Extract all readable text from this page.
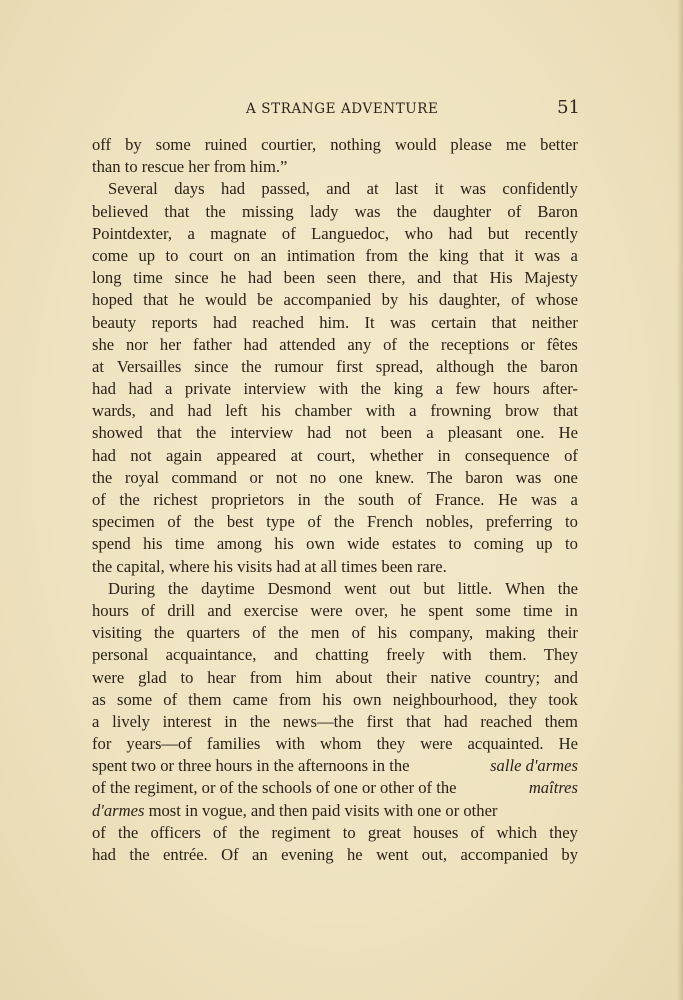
A STRANGE ADVENTURE	51
off by some ruined courtier, nothing would please me better
than to rescue her from him.”
Several days had passed, and at last it was confidently
believed that the missing lady was the daughter of Baron
Pointdexter, a magnate of Languedoc, who had but recently
come up to court on an intimation from the king that it was a
long time since he had been seen there, and that His Majesty
hoped that he would be accompanied by his daughter, of whose
beauty reports had reached him. It was certain that neither
she nor her father had attended any of the receptions or fêtes
at Versailles since the rumour first spread, although the baron
had had a private interview with the king a few hours after-
wards, and had left his chamber with a frowning brow that
showed that the interview had not been a pleasant one. He
had not again appeared at court, whether in consequence of
the royal command or not no one knew. The baron was one
of the richest proprietors in the south of France. He was a
specimen of the best type of the French nobles, preferring to
spend his time among his own wide estates to coming up to
the capital, where his visits had at all times been rare.
During the daytime Desmond went out but little. When the
hours of drill and exercise were over, he spent some time in
visiting the quarters of the men of his company, making their
personal acquaintance, and chatting freely with them. They
were glad to hear from him about their native country; and
as some of them came from his own neighbourhood, they took
a lively interest in the news—the first that had reached them
for years—of families with whom they were acquainted. He
spent two or three hours in the afternoons in the	salle d'armes
of the regiment, or of the schools of one or other of the	maîtres
d'armes most in vogue, and then paid visits with one or other
of the officers of the regiment to great houses of which they
had the entrée. Of an evening he went out, accompanied by
